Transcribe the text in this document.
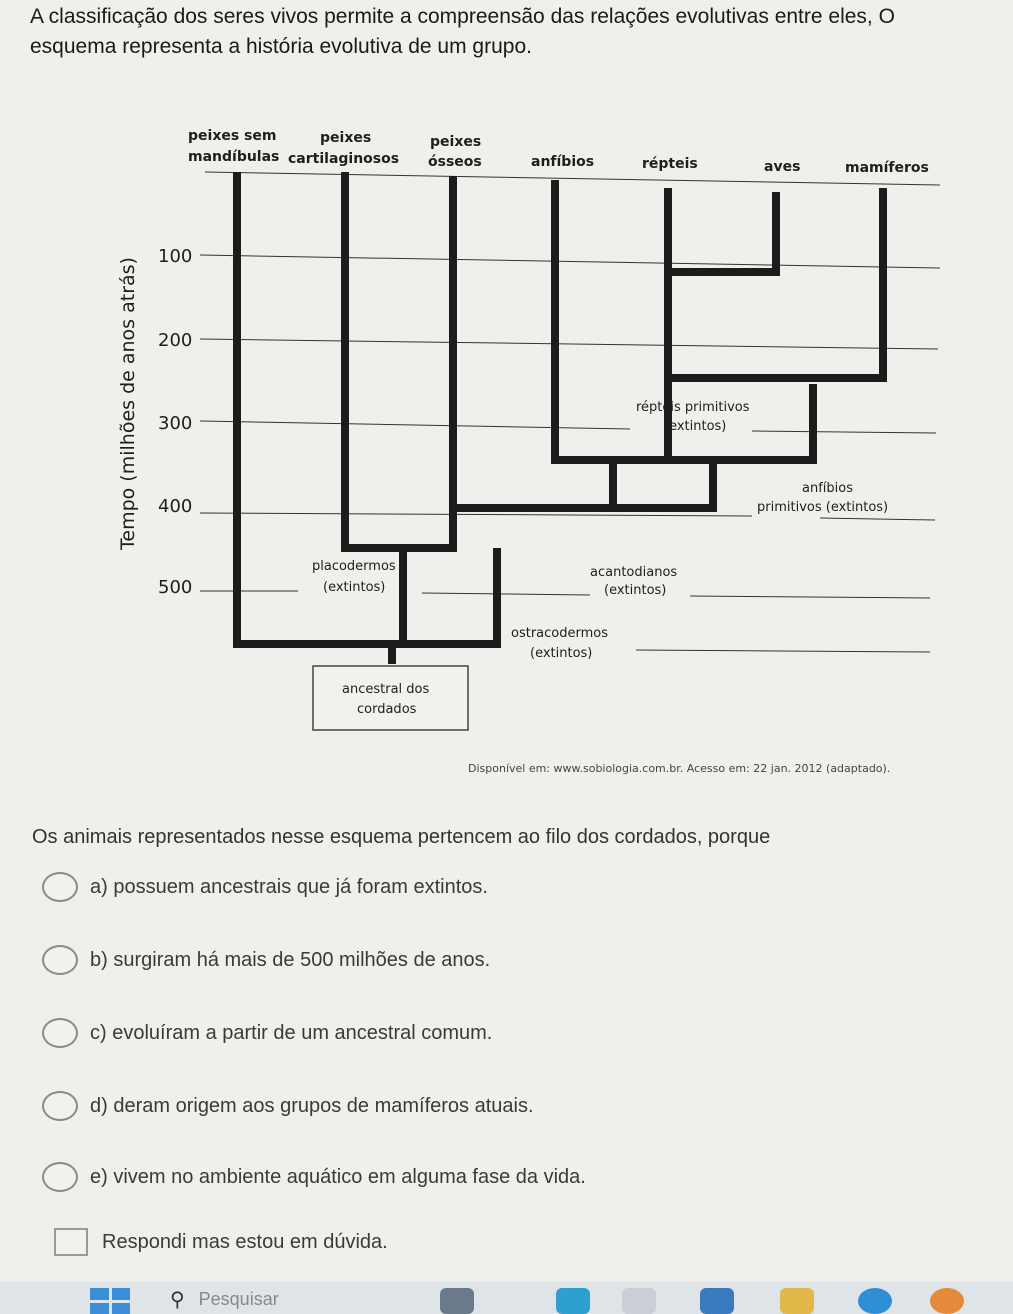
A classificação dos seres vivos permite a compreensão das relações evolutivas entre eles, O
esquema representa a história evolutiva de um grupo.
Tempo (milhões de anos atrás)
100
200
300
400
500
peixes sem
mandíbulas
peixes
cartilaginosos
peixes
ósseos	anfíbios	répteis	aves	mamíferos
répteis primitivos
(extintos)
anfíbios
primitivos (extintos)
placodermos
(extintos)
acantodianos
(extintos)
ostracodermos
(extintos)
ancestral dos
cordados
Disponível em: www.sobiologia.com.br. Acesso em: 22 jan. 2012 (adaptado).
Os animais representados nesse esquema pertencem ao filo dos cordados, porque
a) possuem ancestrais que já foram extintos.
b) surgiram há mais de 500 milhões de anos.
c) evoluíram a partir de um ancestral comum.
d) deram origem aos grupos de mamíferos atuais.
e) vivem no ambiente aquático em alguma fase da vida.
Respondi mas estou em dúvida.
⚲ Pesquisar
